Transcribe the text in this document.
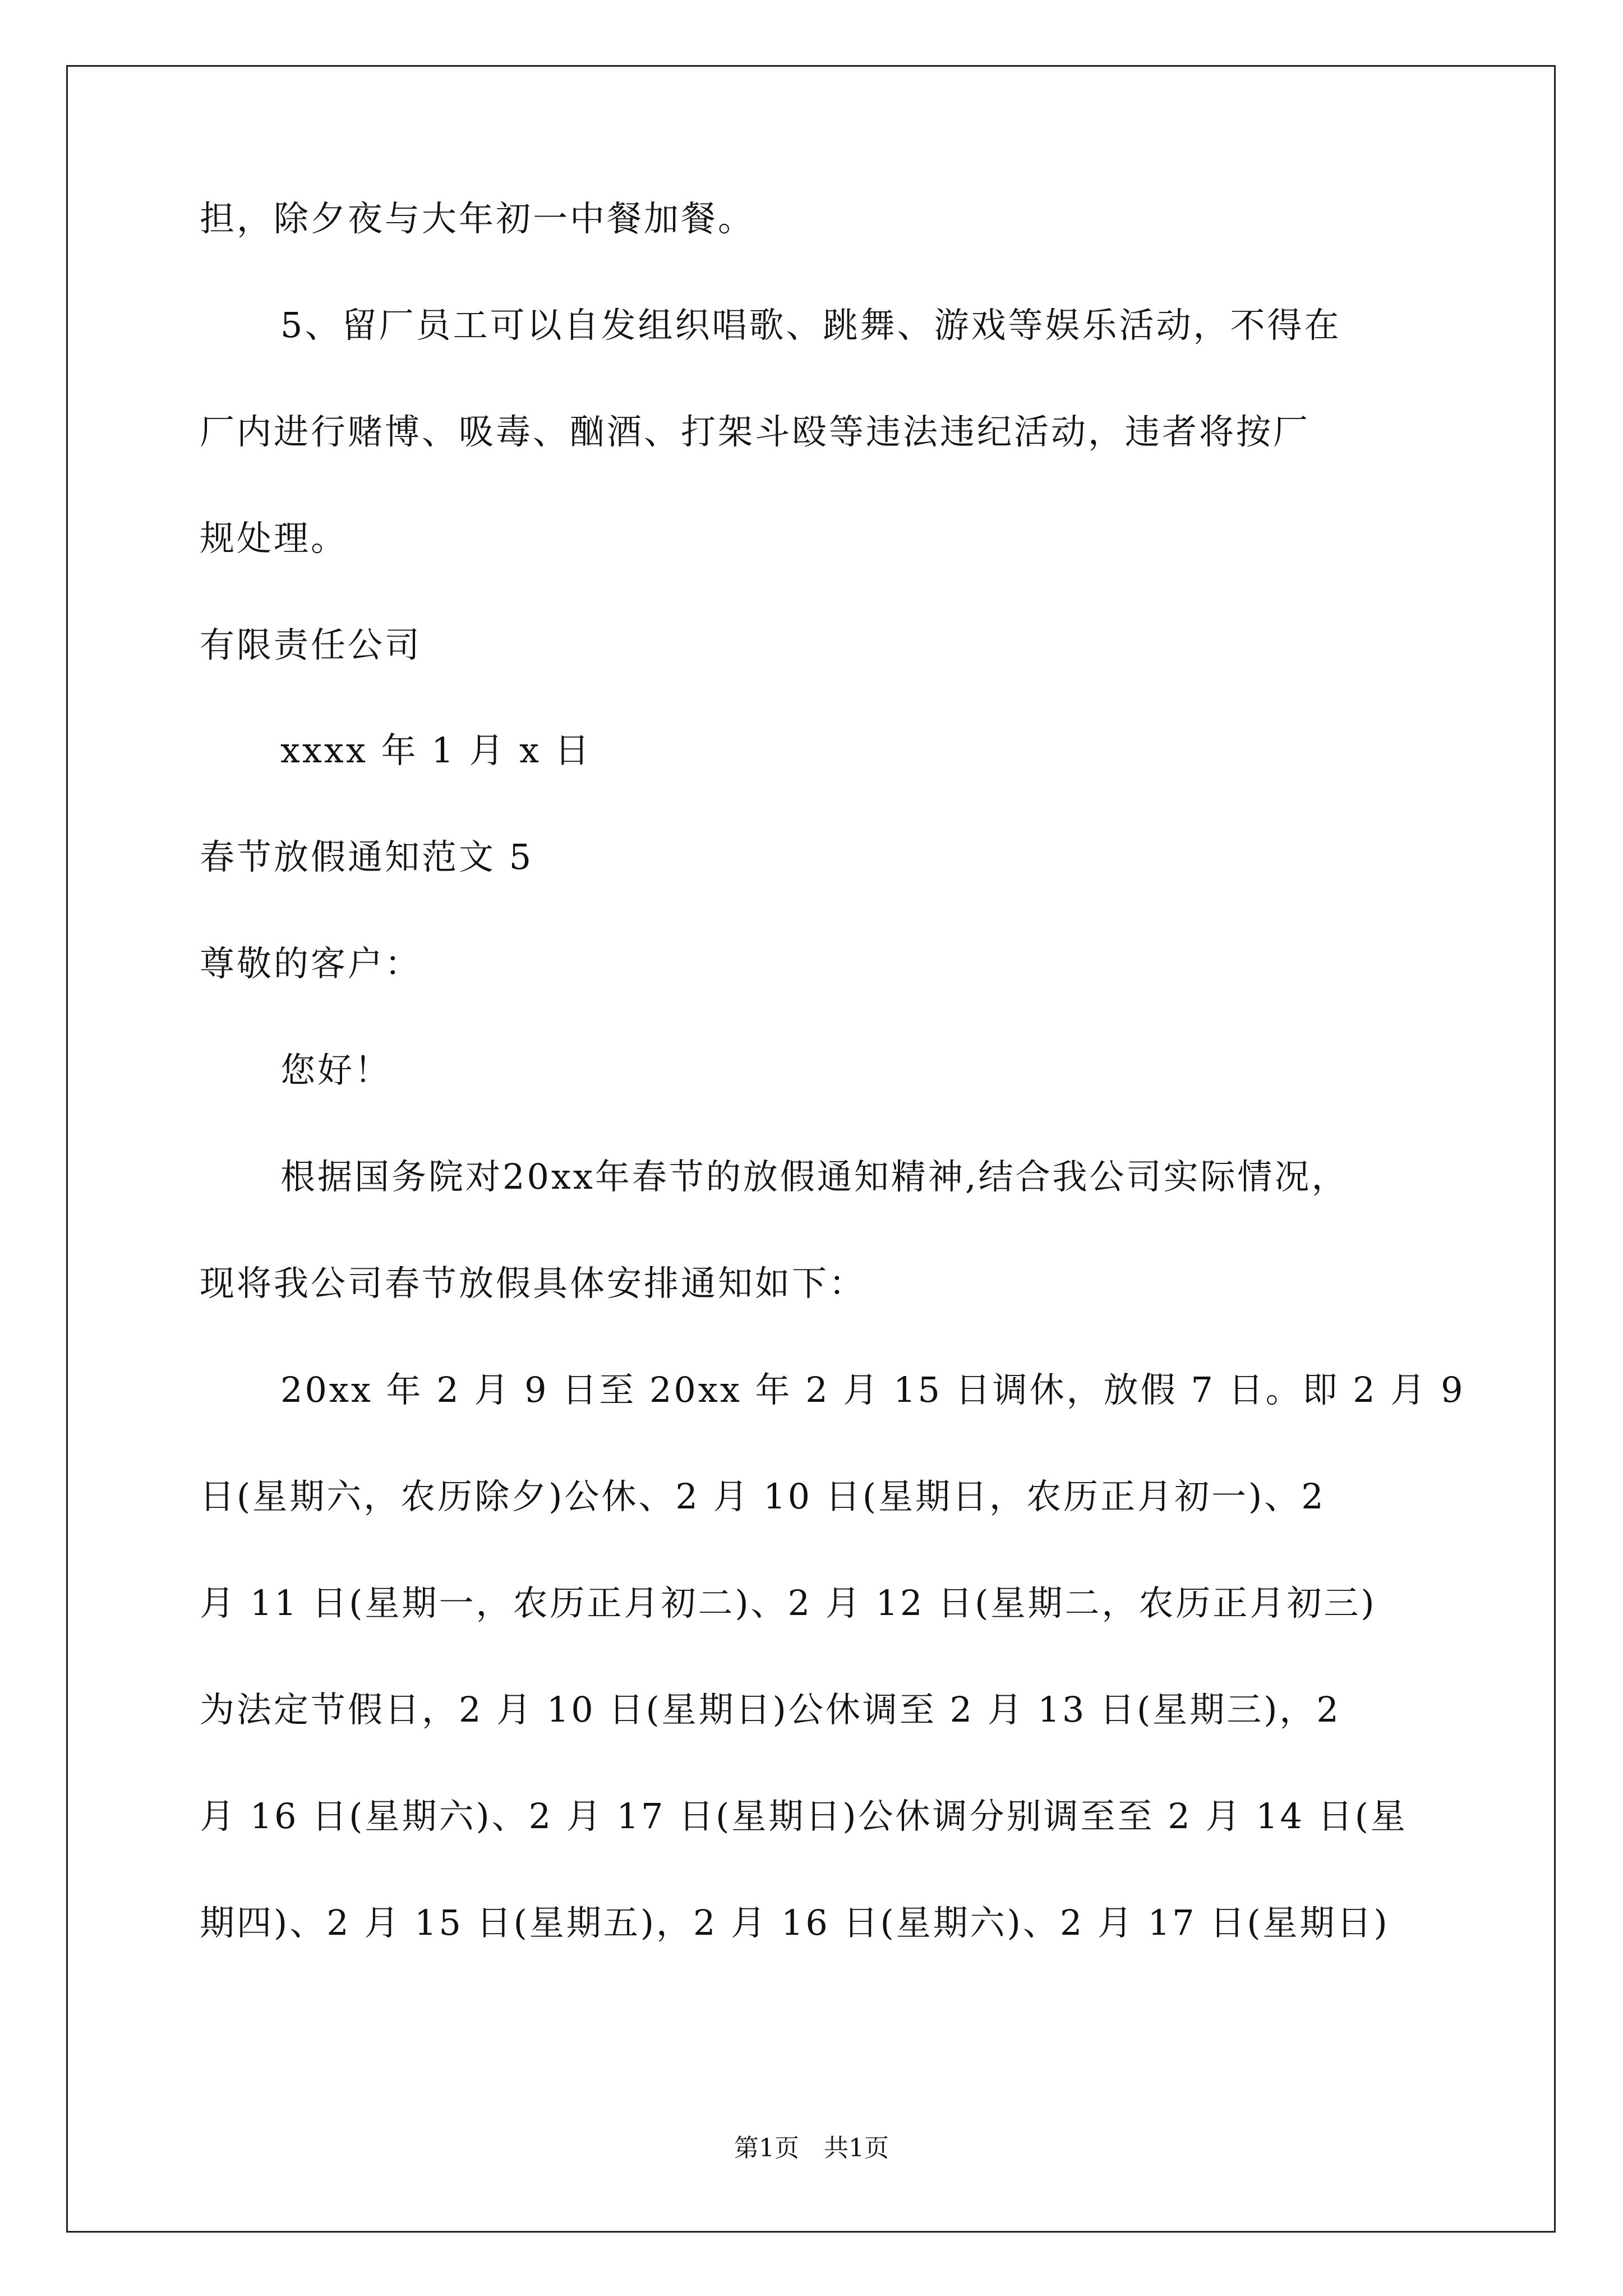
担，除夕夜与大年初一中餐加餐。
5、留厂员工可以自发组织唱歌、跳舞、游戏等娱乐活动，不得在
厂内进行赌博、吸毒、酗酒、打架斗殴等违法违纪活动，违者将按厂
规处理。
有限责任公司
xxxx 年 1 月 x 日
春节放假通知范文 5
尊敬的客户：
您好！
根据国务院对20xx年春节的放假通知精神,结合我公司实际情况，
现将我公司春节放假具体安排通知如下：
20xx 年 2 月 9 日至 20xx 年 2 月 15 日调休，放假 7 日。即 2 月 9
日(星期六，农历除夕)公休、2 月 10 日(星期日，农历正月初一)、2
月 11 日(星期一，农历正月初二)、2 月 12 日(星期二，农历正月初三)
为法定节假日，2 月 10 日(星期日)公休调至 2 月 13 日(星期三)，2
月 16 日(星期六)、2 月 17 日(星期日)公休调分别调至至 2 月 14 日(星
期四)、2 月 15 日(星期五)，2 月 16 日(星期六)、2 月 17 日(星期日)
第1页　共1页
